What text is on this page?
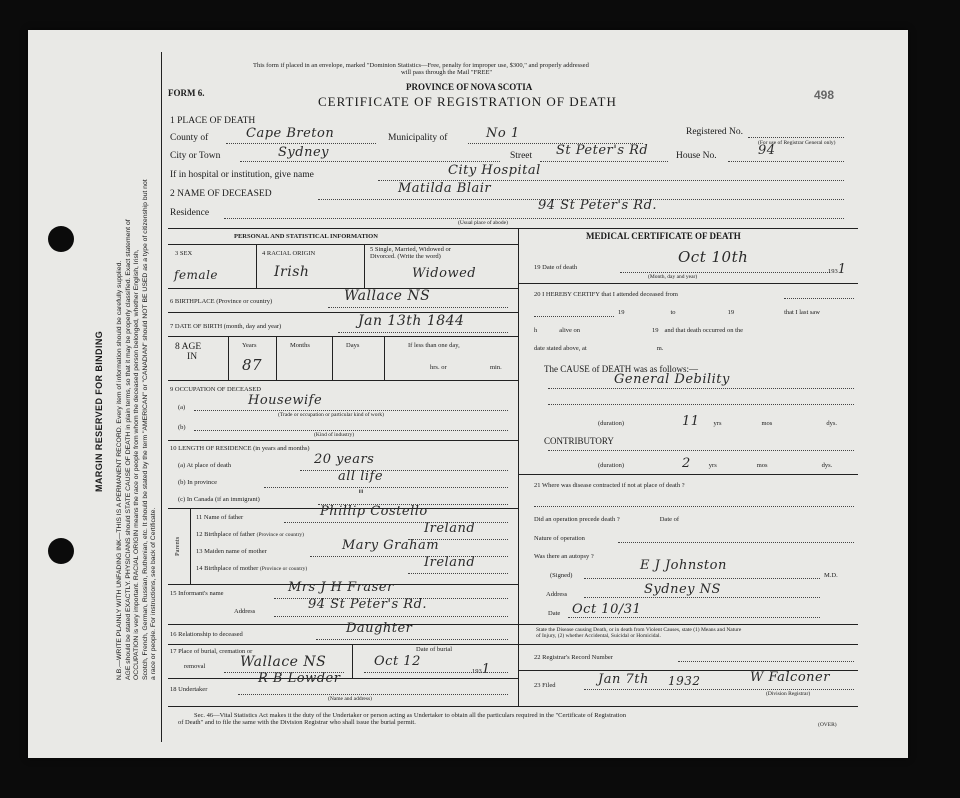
MARGIN RESERVED FOR BINDING N.B.—WRITE PLAINLY WITH UNFADING INK—THIS IS A PERMANENT RECORD. Every item of information should be carefully supplied. AGE should be stated EXACTLY. PHYSICIANS should STATE CAUSE OF DEATH in plain terms, so that it may be properly classified. Exact statement of OCCUPATION is very important. RACIAL ORIGIN means the race or people from whom the deceased person belonged, whether English, Irish, Scotch, French, German, Russian, Ruthenian, etc. It should be stated by the term "AMERICAN" or "CANADIAN" should NOT BE USED as a type of citizenship but not a race or people. For instructions, see back of Certificate.
This form if placed in an envelope, marked "Dominion Statistics—Free, penalty for improper use, $300," and properly addressed
will pass through the Mail "FREE"
PROVINCE OF NOVA SCOTIA
FORM 6.
CERTIFICATE OF REGISTRATION OF DEATH	498
1 PLACE OF DEATH
County of	Cape Breton	Municipality of	No 1	Registered No.
(For use of Registrar General only)
City or Town	Sydney	Street St Peter's Rd	House No.	94
If in hospital or institution, give name	City Hospital
2 NAME OF DECEASED	Matilda Blair
Residence	94 St Peter's Rd.
(Usual place of abode)
PERSONAL AND STATISTICAL INFORMATION	MEDICAL CERTIFICATE OF DEATH
3 SEX
female
4 RACIAL ORIGIN
Irish
5 Single, Married, Widowed or
Divorced. (Write the word)
Widowed
6 BIRTHPLACE (Province or country)	Wallace NS
7 DATE OF BIRTH (month, day and year)	Jan 13th 1844
8 AGE
IN
Years
87
Months	Days	If less than one day,
hrs. or	min.
9 OCCUPATION OF DECEASED
(a)	Housewife
(Trade or occupation or particular kind of work)
(b)
(Kind of industry)
10 LENGTH OF RESIDENCE (in years and months)
(a) At place of death	20 years
(b) In province	all life
(c) In Canada (if an immigrant)	"
Parents
11 Name of father	Phillip Costello
12 Birthplace of father (Province or country)	Ireland
13 Maiden name of mother	Mary Graham
14 Birthplace of mother (Province or country)	Ireland
15 Informant's name	Mrs J H Fraser
Address	94 St Peter's Rd.
16 Relationship to deceased	Daughter
17 Place of burial, cremation or
removal	Wallace NS
Date of burial
Oct 12
1931
18 Undertaker
R B Lowder
(Name and address)
19 Date of death
Oct 10th
(Month, day and year)
1931
20 I HEREBY CERTIFY that I attended deceased from
19	to	19	that I last saw
h	alive on	19 and that death occurred on the
date stated above, at	m.
The CAUSE of DEATH was as follows:—
General Debility
(duration)	11 yrs	mos	dys.
CONTRIBUTORY
(duration)	2	yrs	mos	dys.
21 Where was disease contracted if not at place of death ?
Did an operation precede death ?	Date of
Nature of operation
Was there an autopsy ?
(Signed)
E J Johnston
M.D.
Address	Sydney NS
Date Oct 10/31
State the Disease causing Death, or in death from Violent Causes, state (1) Means and Nature
of Injury, (2) whether Accidental, Suicidal or Homicidal.
22 Registrar's Record Number
23 Filed	Jan 7th 1932	W Falconer
(Division Registrar)
Sec. 46—Vital Statistics Act makes it the duty of the Undertaker or person acting as Undertaker to obtain all the particulars required in the "Certificate of Registration
of Death" and to file the same with the Division Registrar who shall issue the burial permit.	(OVER)
